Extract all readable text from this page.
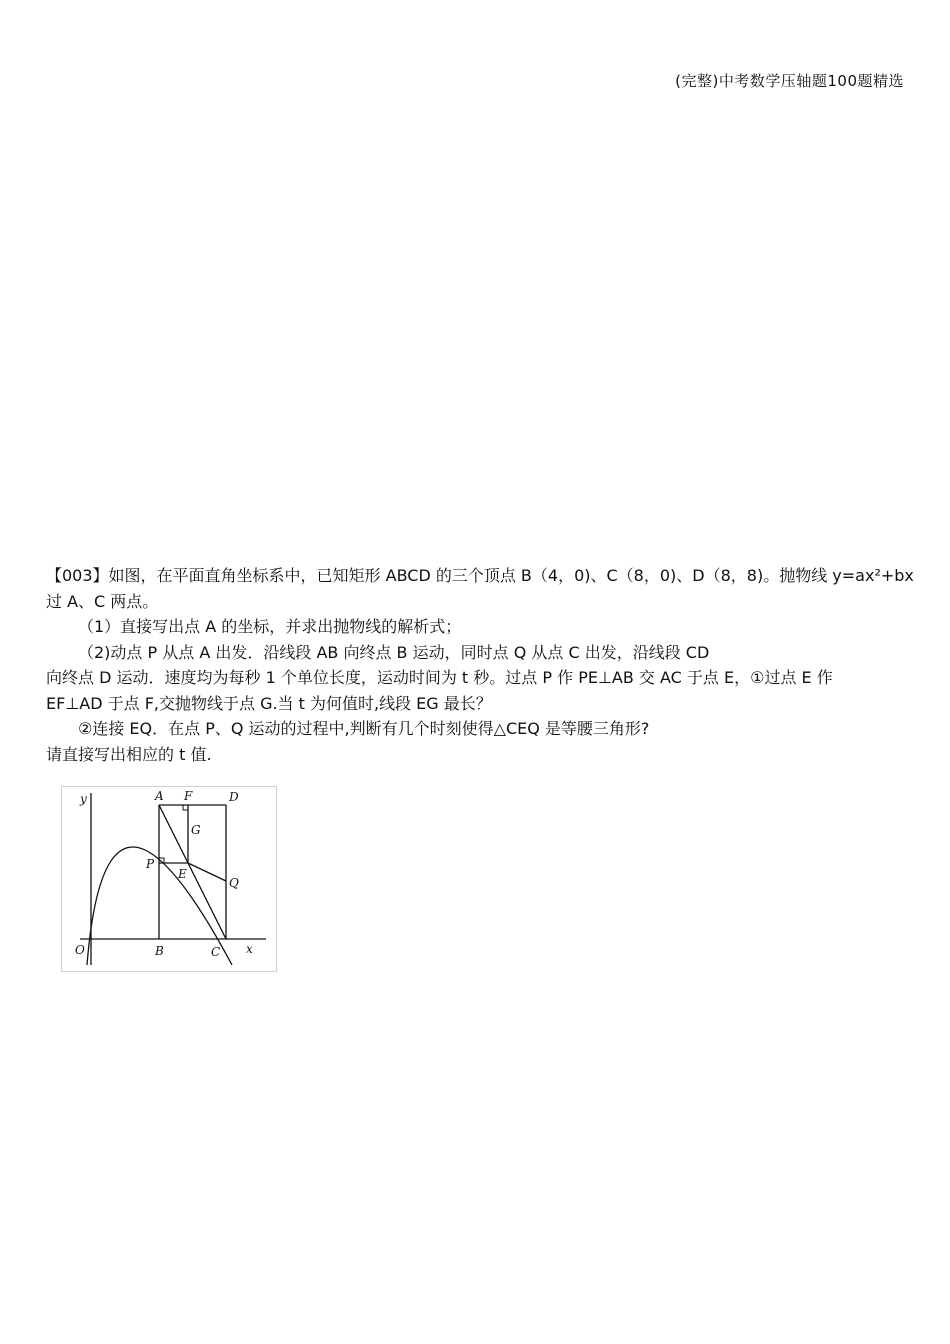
(完整)中考数学压轴题100题精选

【003】如图，在平面直角坐标系中，已知矩形 ABCD 的三个顶点 B（4，0)、C（8，0)、D（8，8)。抛物线 y=ax²+bx

过 A、C 两点。

（1）直接写出点 A 的坐标，并求出抛物线的解析式；

（2)动点 P 从点 A 出发．沿线段 AB 向终点 B 运动，同时点 Q 从点 C 出发，沿线段 CD

向终点 D 运动．速度均为每秒 1 个单位长度，运动时间为 t 秒。过点 P 作 PE⊥AB 交 AC 于点 E，①过点 E 作

EF⊥AD 于点 F,交抛物线于点 G.当 t 为何值时,线段 EG 最长？

②连接 EQ．在点 P、Q 运动的过程中,判断有几个时刻使得△CEQ 是等腰三角形?

请直接写出相应的 t 值.

y	A F	D
G
P
E
Q
O	B	C x
